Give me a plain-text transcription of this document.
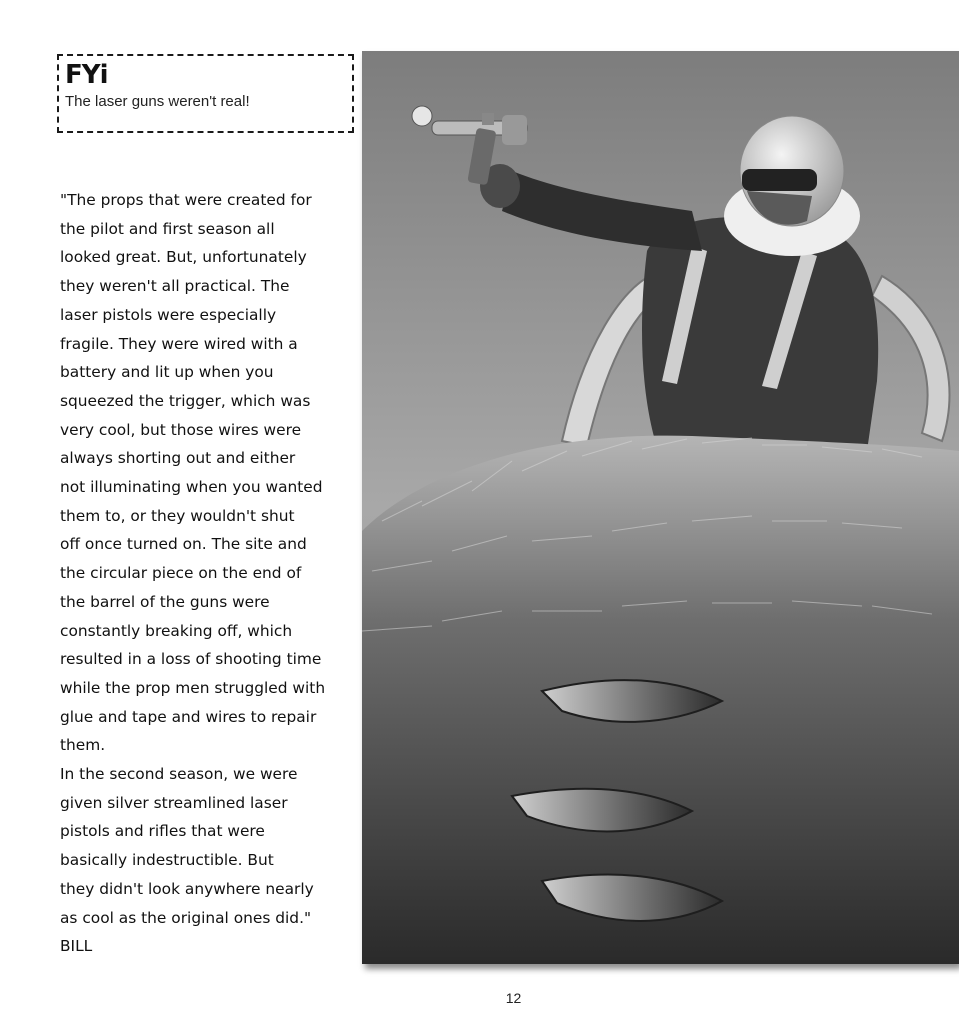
FYi
The laser guns weren't real!

"The props that were created for
the pilot and first season all
looked great. But, unfortunately
they weren't all practical. The
laser pistols were especially
fragile. They were wired with a
battery and lit up when you
squeezed the trigger, which was
very cool, but those wires were
always shorting out and either
not illuminating when you wanted
them to, or they wouldn't shut
off once turned on. The site and
the circular piece on the end of
the barrel of the guns were
constantly breaking off, which
resulted in a loss of shooting time
while the prop men struggled with
glue and tape and wires to repair
them.

In the second season, we were
given silver streamlined laser
pistols and rifles that were
basically indestructible. But
they didn't look anywhere nearly
as cool as the original ones did."

BILL

12
